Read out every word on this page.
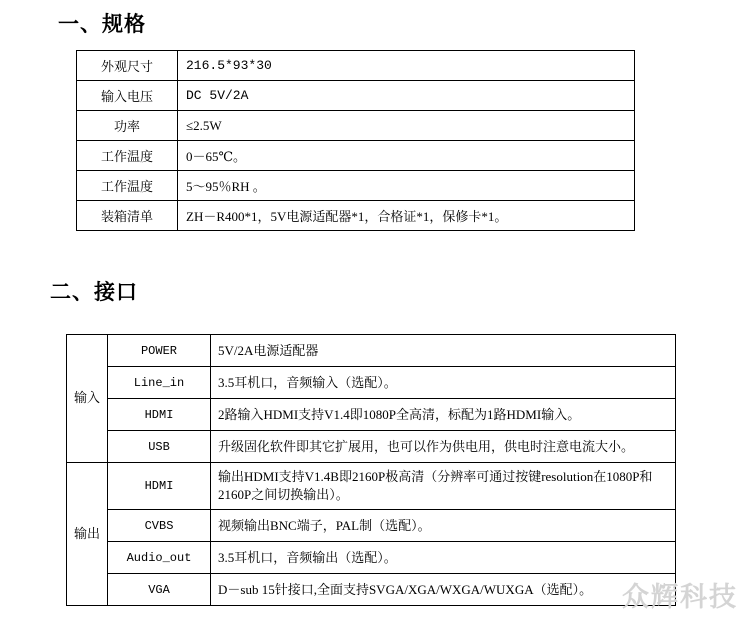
一、规格
外观尺寸	216.5*93*30
输入电压	DC 5V/2A
功率	≤2.5W
工作温度	0－65℃。
工作温度	5～95％RH 。
装箱清单	ZH－R400*1，5V电源适配器*1，合格证*1，保修卡*1。
二、接口
输入	POWER	5V/2A电源适配器
	Line_in	3.5耳机口，音频输入（选配）。
	HDMI	2路输入HDMI支持V1.4即1080P全高清，标配为1路HDMI输入。
	USB	升级固化软件即其它扩展用，也可以作为供电用，供电时注意电流大小。
输出	HDMI	输出HDMI支持V1.4B即2160P极高清（分辨率可通过按键resolution在1080P和2160P之间切换输出）。
	CVBS	视频输出BNC端子，PAL制（选配）。
	Audio_out	3.5耳机口，音频输出（选配）。
	VGA	D－sub 15针接口,全面支持SVGA/XGA/WXGA/WUXGA（选配）。 众辉科技
